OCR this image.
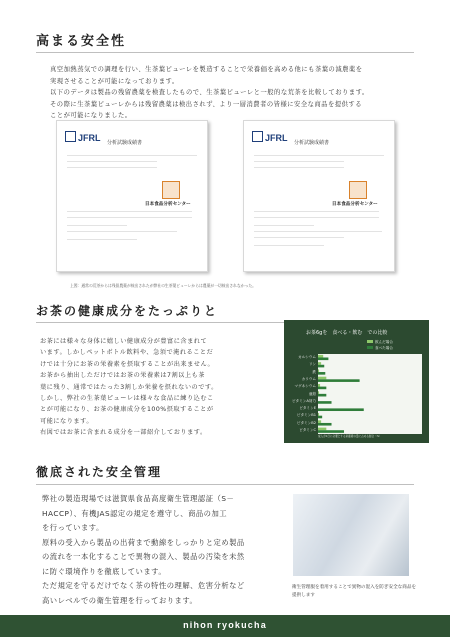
高まる安全性
真空加熱蒸気での調理を行い、生茶葉ピューレを製造することで栄養価を高める他にも茶葉の減農薬を
実現させることが可能になっております。
以下のデータは製品の残留農薬を検査したもので、生茶葉ピューレと一般的な荒茶を比較しております。
その際に生茶葉ピューレからは残留農薬は検出されず、より一層消費者の皆様に安全な商品を提供する
ことが可能になりました。
JFRL 分析試験成績書
日本食品分析センター
JFRL 分析試験成績書
日本食品分析センター
上図：通常の荒茶からは残留農薬が検出されたが弊社の生茶葉ピューレからは農薬が一切検出されなかった。
お茶の健康成分をたっぷりと
お茶には様々な身体に嬉しい健康成分が豊富に含まれて
います。しかしペットボトル飲料や、急須で淹れることだ
けでは十分にお茶の栄養素を摂取することが出来ません。
お茶から抽出しただけではお茶の栄養素は7割以上も茶
葉に残り、通常ではたった3割しか栄養を摂れないのです。
しかし、弊社の生茶葉ピューレは様々な食品に練り込むこ
とが可能になり、お茶の健康成分を100%摂取することが
可能になります。
右図ではお茶に含まれる成分を一部紹介しております。
お茶6gを　食べる・飲む　での比較
飲んだ場合
食べた場合
カルシウム
リン
鉄
カリウム
マグネシウム
亜鉛
ビタミンA効力
ビタミンE
ビタミンB1
ビタミンB2
ビタミンC
成人が1日に必要とする栄養素の量に占める割合（%）
徹底された安全管理
弊社の製造現場では滋賀県食品高度衛生管理認証（S－
HACCP）、有機JAS認定の規定を遵守し、商品の加工
を行っています。
原料の受入から製品の出荷まで動線をしっかりと定め製品
の流れを一本化することで異物の混入、製品の汚染を未然
に防ぐ環境作りを徹底しています。
ただ規定を守るだけでなく茶の特性の理解、危害分析など
高いレベルでの衛生管理を行っております。
衛生管理服を着用することで異物の混入を防ぎ安全な商品を提供します
nihon ryokucha
